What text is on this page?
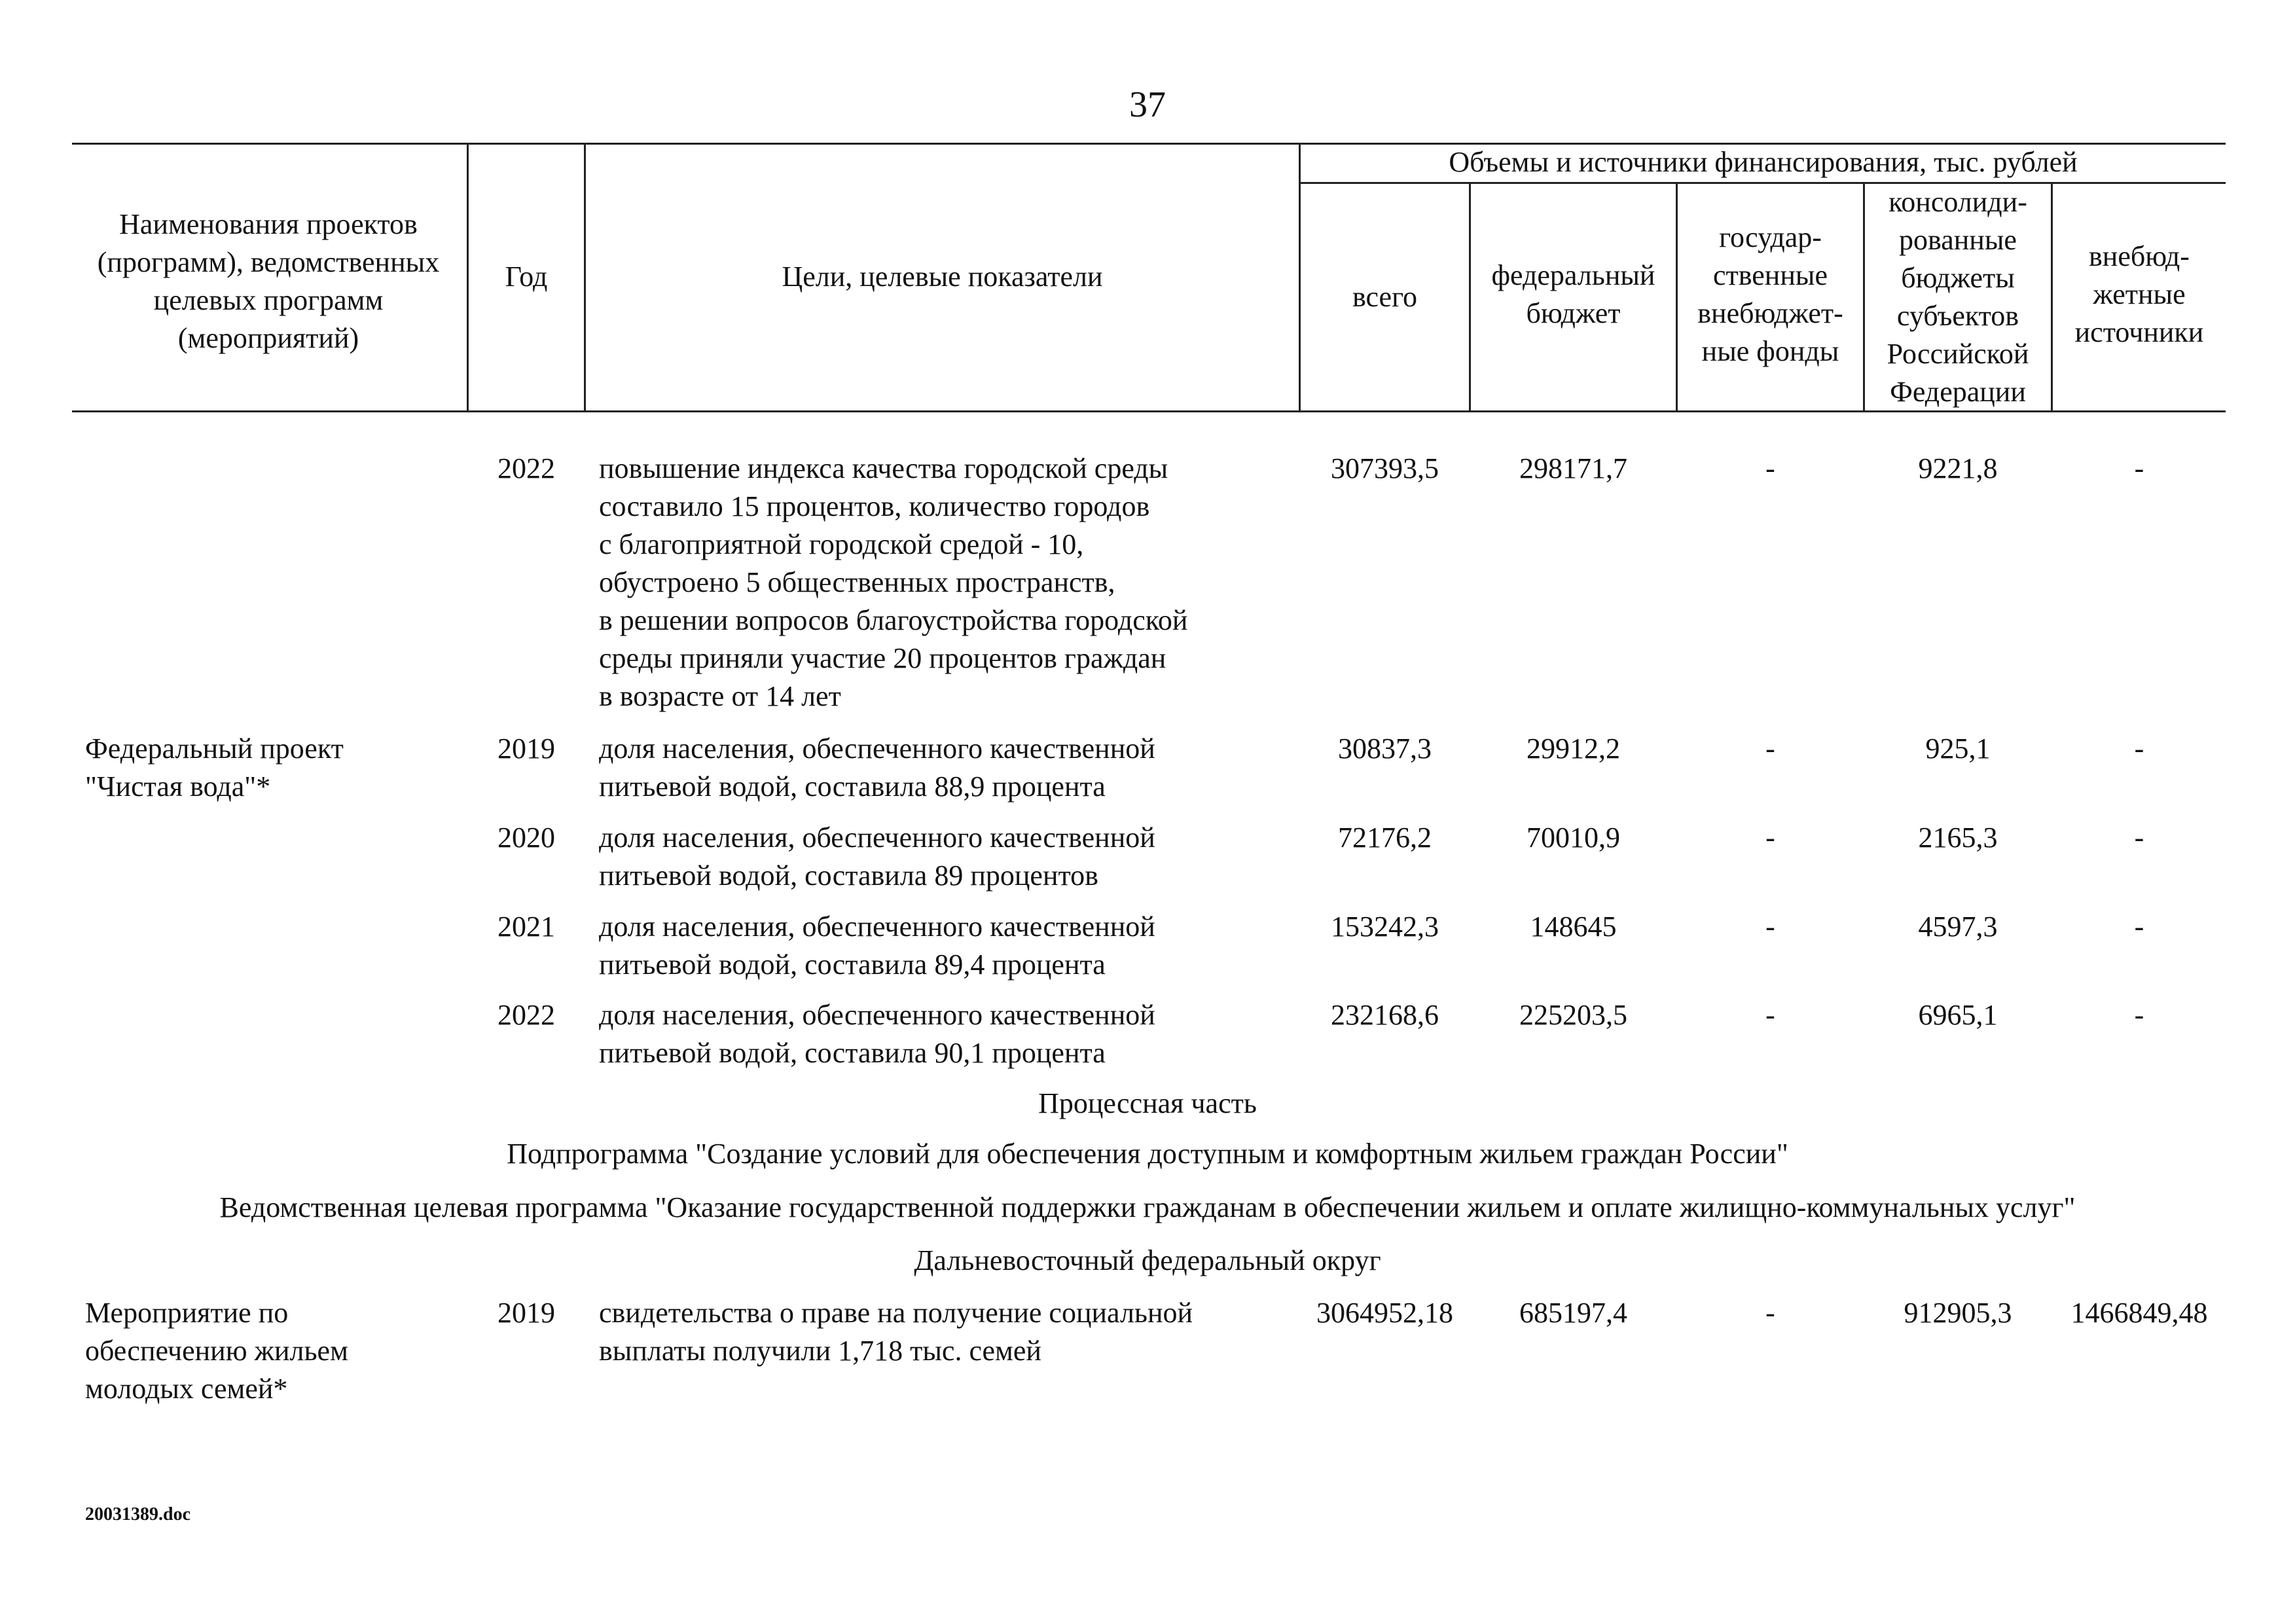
37
Наименования проектов (программ), ведомственных целевых программ (мероприятий)
Год	Цели, целевые показатели
Объемы и источники финансирования, тыс. рублей
всего
федеральный бюджет
государ- ственные внебюджет- ные фонды
консолиди- рованные бюджеты субъектов Российской Федерации
внебюд- жетные источники
2022	повышение индекса качества городской среды
составило 15 процентов, количество городов
с благоприятной городской средой - 10,
обустроено 5 общественных пространств,
в решении вопросов благоустройства городской
среды приняли участие 20 процентов граждан
в возрасте от 14 лет
307393,5	298171,7	-	9221,8	-
Федеральный проект
"Чистая вода"*
2019	доля населения, обеспеченного качественной
питьевой водой, составила 88,9 процента
30837,3	29912,2	-	925,1	-
2020	доля населения, обеспеченного качественной
питьевой водой, составила 89 процентов
72176,2	70010,9	-	2165,3	-
2021	доля населения, обеспеченного качественной
питьевой водой, составила 89,4 процента
153242,3	148645	-	4597,3	-
2022	доля населения, обеспеченного качественной
питьевой водой, составила 90,1 процента
232168,6	225203,5	-	6965,1	-
Процессная часть
Подпрограмма "Создание условий для обеспечения доступным и комфортным жильем граждан России"
Ведомственная целевая программа "Оказание государственной поддержки гражданам в обеспечении жильем и оплате жилищно-коммунальных услуг"
Дальневосточный федеральный округ
Мероприятие по
обеспечению жильем
молодых семей*
2019	свидетельства о праве на получение социальной
выплаты получили 1,718 тыс. семей
3064952,18	685197,4	-	912905,3	1466849,48
20031389.doc
